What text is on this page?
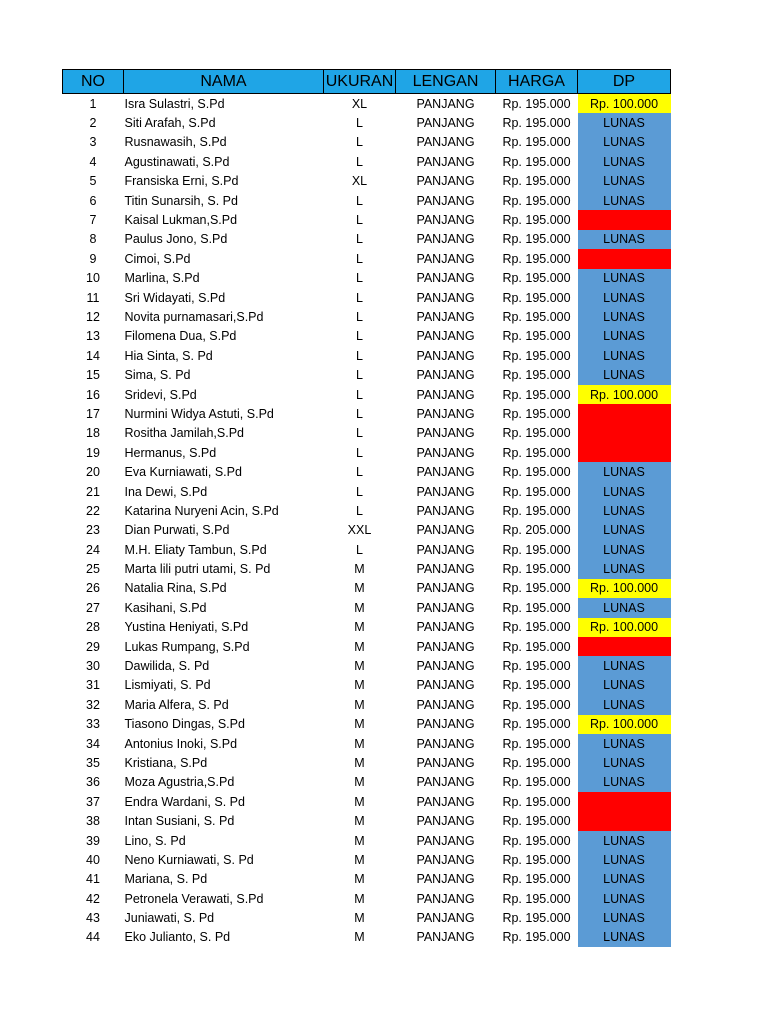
NO	NAMA	UKURAN	LENGAN	HARGA	DP
1	Isra Sulastri, S.Pd	XL	PANJANG	Rp. 195.000	Rp. 100.000
2	Siti Arafah, S.Pd	L	PANJANG	Rp. 195.000	LUNAS
3	Rusnawasih, S.Pd	L	PANJANG	Rp. 195.000	LUNAS
4	Agustinawati, S.Pd	L	PANJANG	Rp. 195.000	LUNAS
5	Fransiska Erni, S.Pd	XL	PANJANG	Rp. 195.000	LUNAS
6	Titin Sunarsih, S. Pd	L	PANJANG	Rp. 195.000	LUNAS
7	Kaisal Lukman,S.Pd	L	PANJANG	Rp. 195.000	
8	Paulus Jono, S.Pd	L	PANJANG	Rp. 195.000	LUNAS
9	Cimoi, S.Pd	L	PANJANG	Rp. 195.000	
10	Marlina, S.Pd	L	PANJANG	Rp. 195.000	LUNAS
11	Sri Widayati, S.Pd	L	PANJANG	Rp. 195.000	LUNAS
12	Novita purnamasari,S.Pd	L	PANJANG	Rp. 195.000	LUNAS
13	Filomena Dua, S.Pd	L	PANJANG	Rp. 195.000	LUNAS
14	Hia Sinta, S. Pd	L	PANJANG	Rp. 195.000	LUNAS
15	Sima, S. Pd	L	PANJANG	Rp. 195.000	LUNAS
16	Sridevi, S.Pd	L	PANJANG	Rp. 195.000	Rp. 100.000
17	Nurmini Widya Astuti, S.Pd	L	PANJANG	Rp. 195.000	
18	Rositha Jamilah,S.Pd	L	PANJANG	Rp. 195.000	
19	Hermanus, S.Pd	L	PANJANG	Rp. 195.000	
20	Eva Kurniawati, S.Pd	L	PANJANG	Rp. 195.000	LUNAS
21	Ina Dewi, S.Pd	L	PANJANG	Rp. 195.000	LUNAS
22	Katarina Nuryeni Acin, S.Pd	L	PANJANG	Rp. 195.000	LUNAS
23	Dian Purwati, S.Pd	XXL	PANJANG	Rp. 205.000	LUNAS
24	M.H. Eliaty Tambun, S.Pd	L	PANJANG	Rp. 195.000	LUNAS
25	Marta lili putri utami, S. Pd	M	PANJANG	Rp. 195.000	LUNAS
26	Natalia Rina, S.Pd	M	PANJANG	Rp. 195.000	Rp. 100.000
27	Kasihani, S.Pd	M	PANJANG	Rp. 195.000	LUNAS
28	Yustina Heniyati, S.Pd	M	PANJANG	Rp. 195.000	Rp. 100.000
29	Lukas Rumpang, S.Pd	M	PANJANG	Rp. 195.000	
30	Dawilida, S. Pd	M	PANJANG	Rp. 195.000	LUNAS
31	Lismiyati, S. Pd	M	PANJANG	Rp. 195.000	LUNAS
32	Maria Alfera, S. Pd	M	PANJANG	Rp. 195.000	LUNAS
33	Tiasono Dingas, S.Pd	M	PANJANG	Rp. 195.000	Rp. 100.000
34	Antonius Inoki, S.Pd	M	PANJANG	Rp. 195.000	LUNAS
35	Kristiana, S.Pd	M	PANJANG	Rp. 195.000	LUNAS
36	Moza Agustria,S.Pd	M	PANJANG	Rp. 195.000	LUNAS
37	Endra Wardani, S. Pd	M	PANJANG	Rp. 195.000	
38	Intan Susiani, S. Pd	M	PANJANG	Rp. 195.000	
39	Lino, S. Pd	M	PANJANG	Rp. 195.000	LUNAS
40	Neno Kurniawati, S. Pd	M	PANJANG	Rp. 195.000	LUNAS
41	Mariana, S. Pd	M	PANJANG	Rp. 195.000	LUNAS
42	Petronela Verawati, S.Pd	M	PANJANG	Rp. 195.000	LUNAS
43	Juniawati, S. Pd	M	PANJANG	Rp. 195.000	LUNAS
44	Eko Julianto, S. Pd	M	PANJANG	Rp. 195.000	LUNAS
